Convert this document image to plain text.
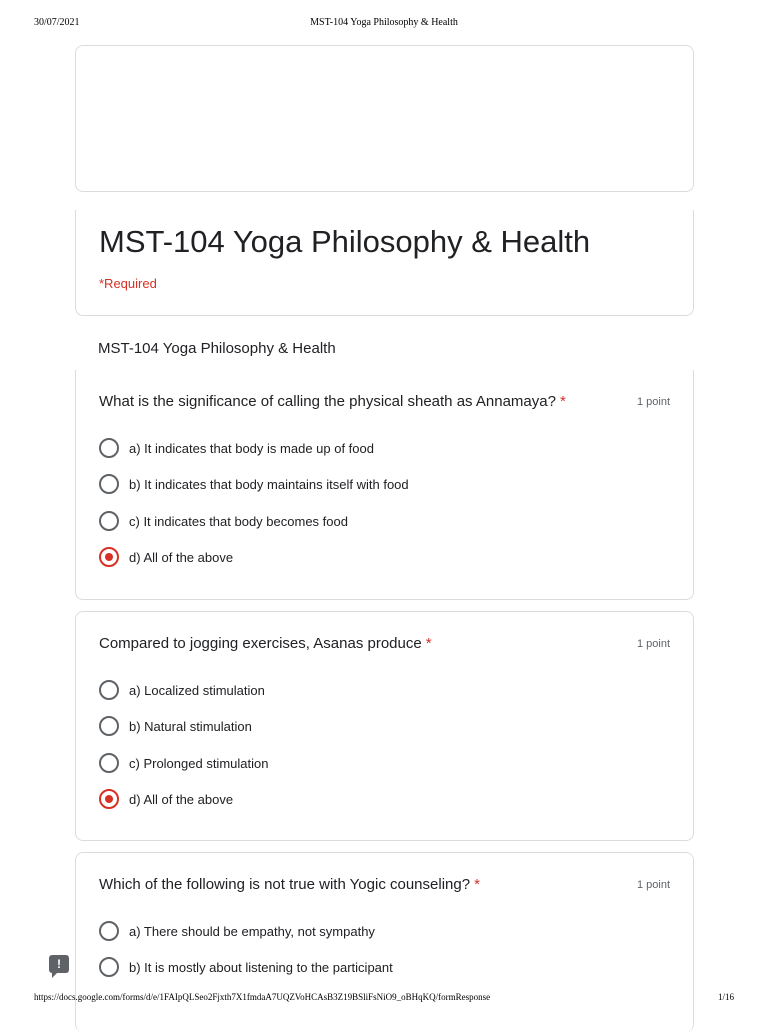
30/07/2021	MST-104 Yoga Philosophy & Health
MST-104 Yoga Philosophy & Health
*Required
MST-104 Yoga Philosophy & Health
What is the significance of calling the physical sheath as Annamaya? *	1 point
a) It indicates that body is made up of food
b) It indicates that body maintains itself with food
c) It indicates that body becomes food
d) All of the above
Compared to jogging exercises, Asanas produce *	1 point
a) Localized stimulation
b) Natural stimulation
c) Prolonged stimulation
d) All of the above
Which of the following is not true with Yogic counseling? *	1 point
a) There should be empathy, not sympathy
b) It is mostly about listening to the participant
!
https://docs.google.com/forms/d/e/1FAIpQLSeo2Fjxth7X1fmdaA7UQZVoHCAsB3Z19BSliFsNiO9_oBHqKQ/formResponse	1/16
